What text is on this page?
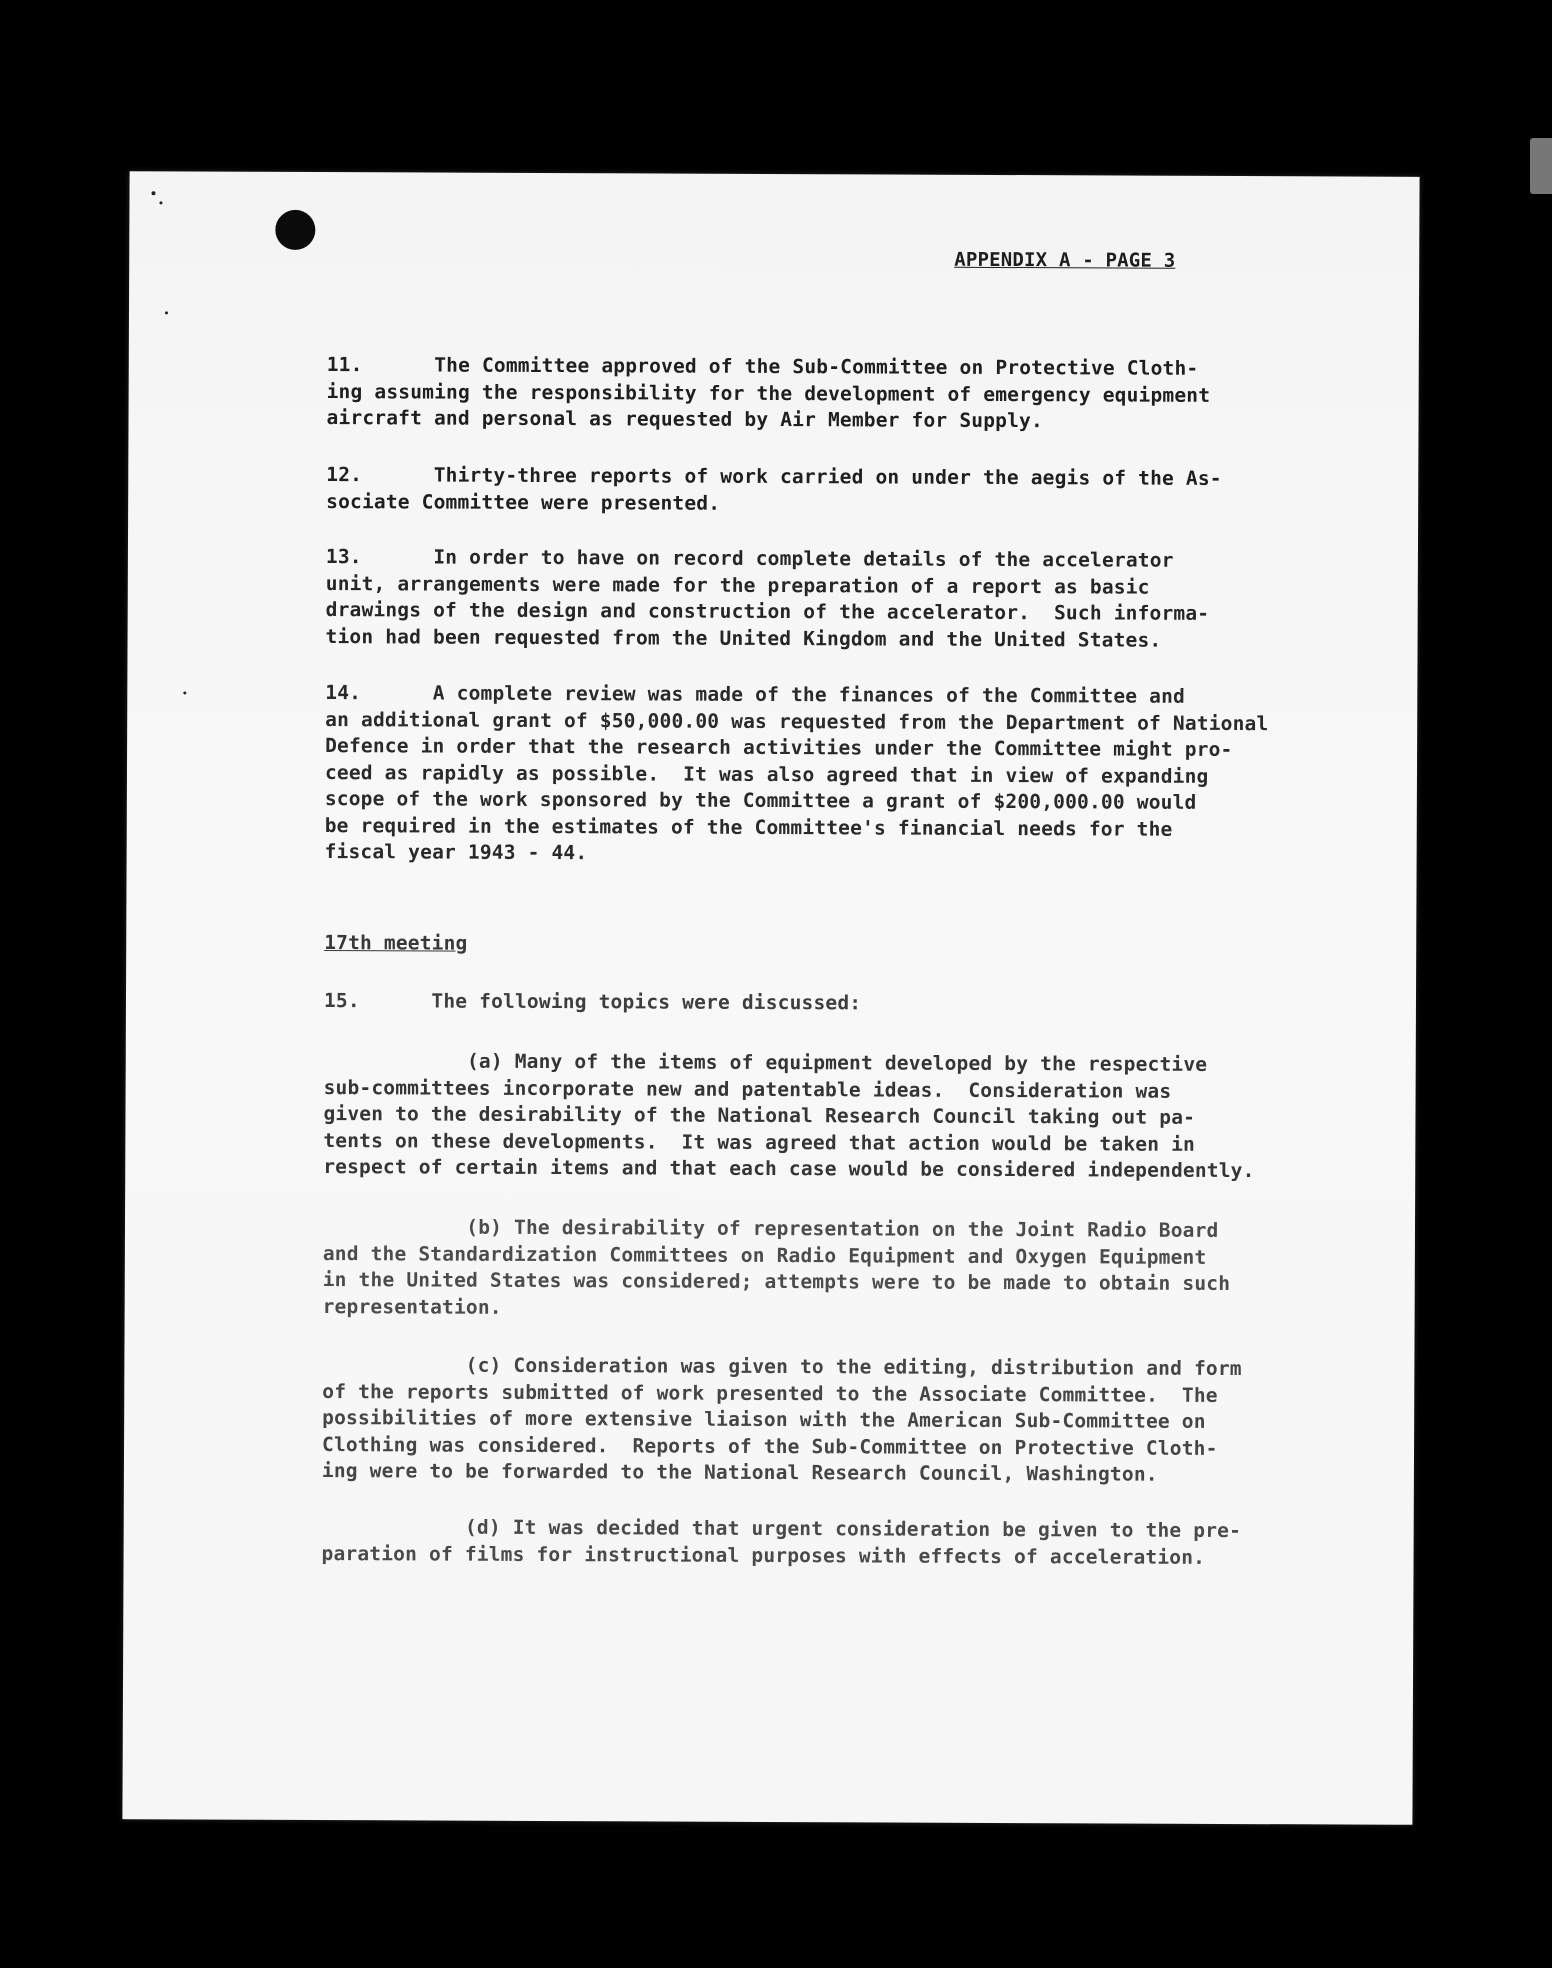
APPENDIX A - PAGE 3

11.      The Committee approved of the Sub-Committee on Protective Cloth-
ing assuming the responsibility for the development of emergency equipment
aircraft and personal as requested by Air Member for Supply.

12.      Thirty-three reports of work carried on under the aegis of the As-
sociate Committee were presented.

13.      In order to have on record complete details of the accelerator
unit, arrangements were made for the preparation of a report as basic
drawings of the design and construction of the accelerator.  Such informa-
tion had been requested from the United Kingdom and the United States.

14.      A complete review was made of the finances of the Committee and
an additional grant of $50,000.00 was requested from the Department of National
Defence in order that the research activities under the Committee might pro-
ceed as rapidly as possible.  It was also agreed that in view of expanding
scope of the work sponsored by the Committee a grant of $200,000.00 would
be required in the estimates of the Committee's financial needs for the
fiscal year 1943 - 44.

17th meeting

15.      The following topics were discussed:

(a) Many of the items of equipment developed by the respective
sub-committees incorporate new and patentable ideas.  Consideration was
given to the desirability of the National Research Council taking out pa-
tents on these developments.  It was agreed that action would be taken in
respect of certain items and that each case would be considered independently.

(b) The desirability of representation on the Joint Radio Board
and the Standardization Committees on Radio Equipment and Oxygen Equipment
in the United States was considered; attempts were to be made to obtain such
representation.

(c) Consideration was given to the editing, distribution and form
of the reports submitted of work presented to the Associate Committee.  The
possibilities of more extensive liaison with the American Sub-Committee on
Clothing was considered.  Reports of the Sub-Committee on Protective Cloth-
ing were to be forwarded to the National Research Council, Washington.

(d) It was decided that urgent consideration be given to the pre-
paration of films for instructional purposes with effects of acceleration.
